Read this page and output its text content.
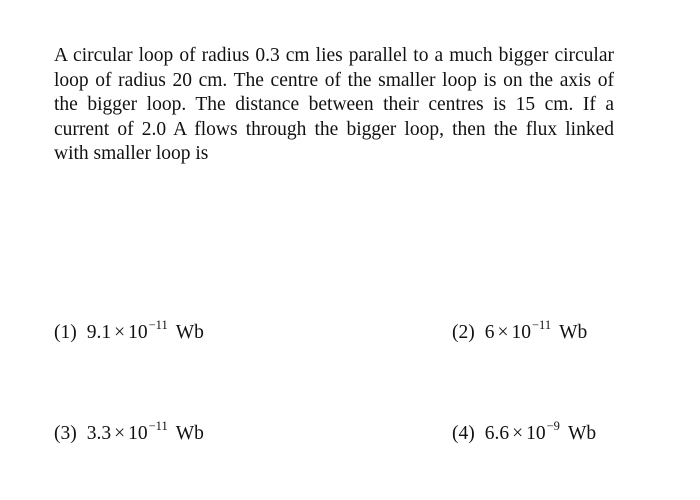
A circular loop of radius 0.3 cm lies parallel to a much bigger circular loop of radius 20 cm. The centre of the smaller loop is on the axis of the bigger loop. The distance between their centres is 15 cm. If a current of 2.0 A flows through the bigger loop, then the flux linked with smaller loop is
(1) $9.1 \times 10^{-11}$ Wb	(2) $6 \times 10^{-11}$ Wb
(3) $3.3 \times 10^{-11}$ Wb	(4) $6.6 \times 10^{-9}$ Wb
